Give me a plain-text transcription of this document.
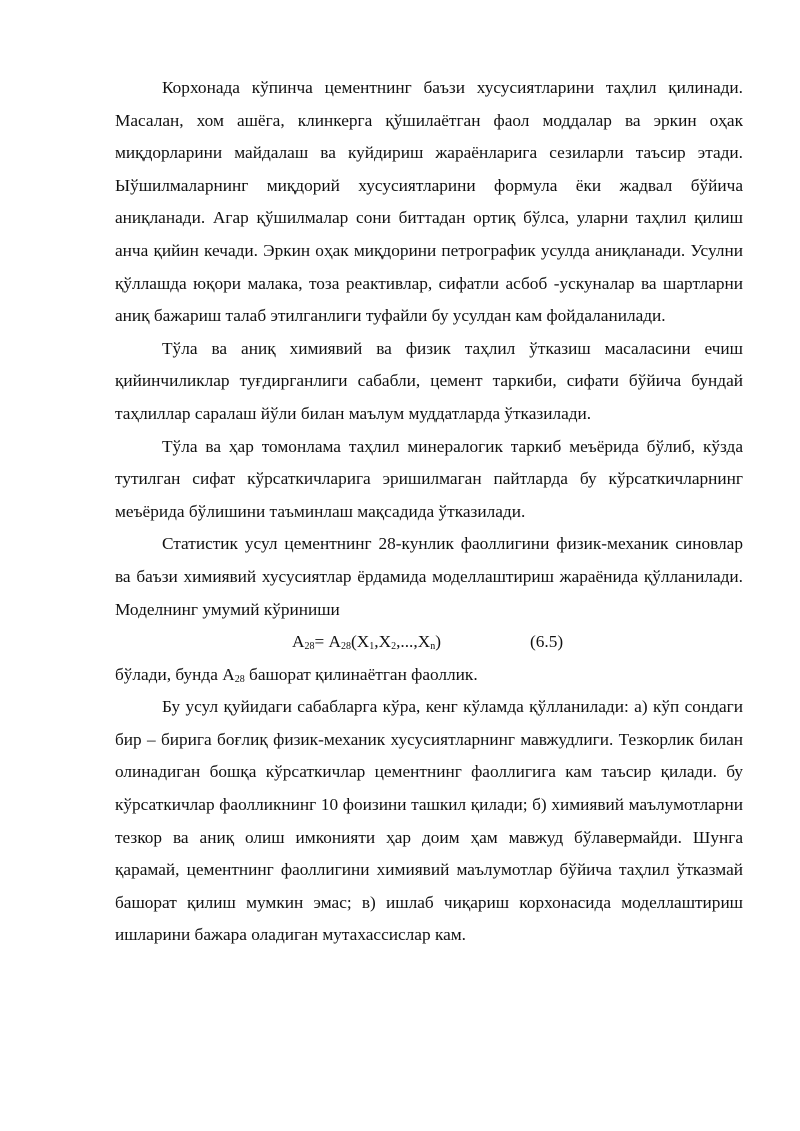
Корхонада кўпинча цементнинг баъзи хусусиятларини таҳлил қилинади. Масалан, хом ашёга, клинкерга қўшилаётган фаол моддалар ва эркин оҳак миқдорларини майдалаш ва куйдириш жараёнларига сезиларли таъсир этади. Ыўшилмаларнинг миқдорий хусусиятларини формула ёки жадвал бўйича аниқланади. Агар қўшилмалар сони биттадан ортиқ бўлса, уларни таҳлил қилиш анча қийин кечади. Эркин оҳак миқдорини петрографик усулда аниқланади. Усулни қўллашда юқори малака, тоза реактивлар, сифатли асбоб -ускуналар ва шартларни аниқ бажариш талаб этилганлиги туфайли бу усулдан кам фойдаланилади.

Тўла ва аниқ химиявий ва физик таҳлил ўтказиш масаласини ечиш қийинчиликлар туғдирганлиги сабабли, цемент таркиби, сифати бўйича бундай таҳлиллар саралаш йўли билан маълум муддатларда ўтказилади.

Тўла ва ҳар томонлама таҳлил минералогик таркиб меъёрида бўлиб, кўзда тутилган сифат кўрсаткичларига эришилмаган пайтларда бу кўрсаткичларнинг меъёрида бўлишини таъминлаш мақсадида ўтказилади.

Статистик усул цементнинг 28-кунлик фаоллигини физик-механик синовлар ва баъзи химиявий хусусиятлар ёрдамида моделлаштириш жараёнида қўлланилади. Моделнинг умумий кўриниши

$А_{28}= А_{28}(Х_1,Х_2,...,Х_n)$	(6.5)

бўлади, бунда $А_{28}$ башорат қилинаётган фаоллик.

Бу усул қуйидаги сабабларга кўра, кенг кўламда қўлланилади: а) кўп сондаги бир – бирига боғлиқ физик-механик хусусиятларнинг мавжудлиги. Тезкорлик билан олинадиган бошқа кўрсаткичлар цементнинг фаоллигига кам таъсир қилади. бу кўрсаткичлар фаолликнинг 10 фоизини ташкил қилади; б) химиявий маълумотларни тезкор ва аниқ олиш имконияти ҳар доим ҳам мавжуд бўлавермайди. Шунга қарамай, цементнинг фаоллигини химиявий маълумотлар бўйича таҳлил ўтказмай башорат қилиш мумкин эмас; в) ишлаб чиқариш корхонасида моделлаштириш ишларини бажара оладиган мутахассислар кам.
